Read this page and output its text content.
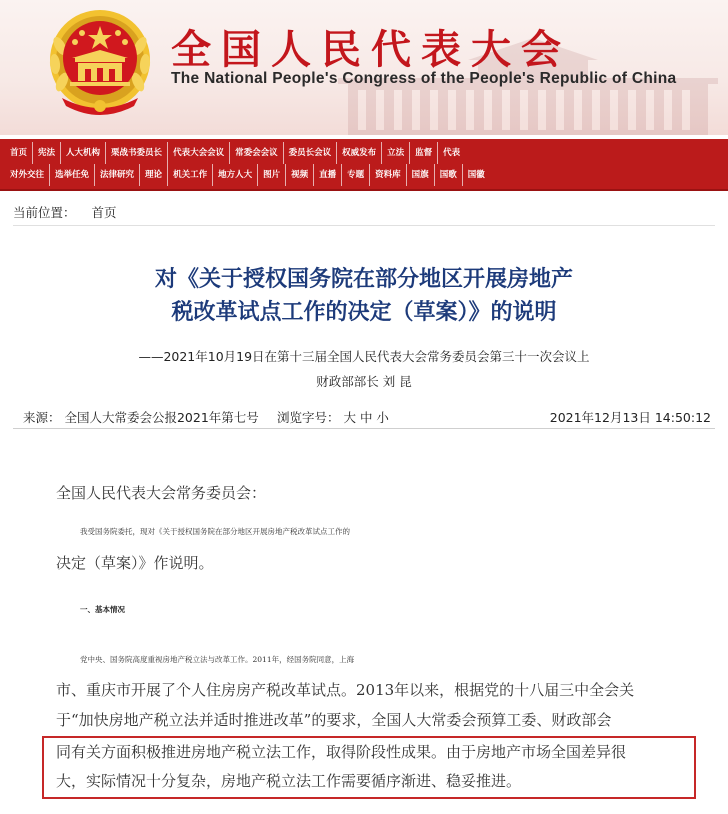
全国人民代表大会
The National People's Congress of the People's Republic of China
首页	宪法	人大机构	栗战书委员长	代表大会会议	常委会会议	委员长会议	权威发布	立法	监督	代表
对外交往	选举任免	法律研究	理论	机关工作	地方人大	图片	视频	直播	专题	资料库	国旗	国歌	国徽
当前位置： 首页
对《关于授权国务院在部分地区开展房地产
税改革试点工作的决定（草案）》的说明
——2021年10月19日在第十三届全国人民代表大会常务委员会第三十一次会议上
财政部部长 刘 昆
来源： 全国人大常委会公报2021年第七号 浏览字号： 大 中 小	2021年12月13日 14:50:12

全国人民代表大会常务委员会：

我受国务院委托，现对《关于授权国务院在部分地区开展房地产税改革试点工作的

决定（草案）》作说明。

一、基本情况

党中央、国务院高度重视房地产税立法与改革工作。2011年，经国务院同意，上海

市、重庆市开展了个人住房房产税改革试点。2013年以来，根据党的十八届三中全会关

于“加快房地产税立法并适时推进改革”的要求，全国人大常委会预算工委、财政部会

同有关方面积极推进房地产税立法工作，取得阶段性成果。由于房地产市场全国差异很

大，实际情况十分复杂，房地产税立法工作需要循序渐进、稳妥推进。
